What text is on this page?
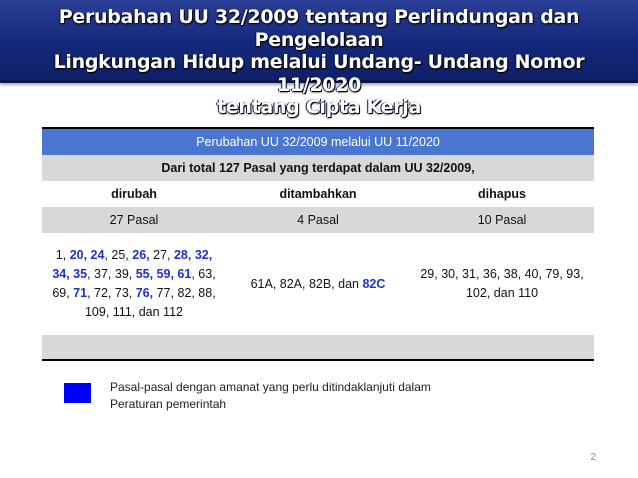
Perubahan UU 32/2009 tentang Perlindungan dan Pengelolaan
Lingkungan Hidup melalui Undang- Undang Nomor 11/2020
tentang Cipta Kerja
Perubahan UU 32/2009 melalui UU 11/2020		
Dari total 127 Pasal yang terdapat dalam UU 32/2009,		
dirubah	ditambahkan	dihapus
27 Pasal	4 Pasal	10 Pasal

1, 20, 24, 25, 26, 27, 28, 32, 34, 35, 37, 39, 55, 59, 61, 63, 69, 71, 72, 73, 76, 77, 82, 88, 109, 111, dan 112	61A, 82A, 82B, dan 82C	29, 30, 31, 36, 38, 40, 79, 93, 102, dan 110

Pasal-pasal dengan amanat yang perlu ditindaklanjuti dalam Peraturan pemerintah
2
